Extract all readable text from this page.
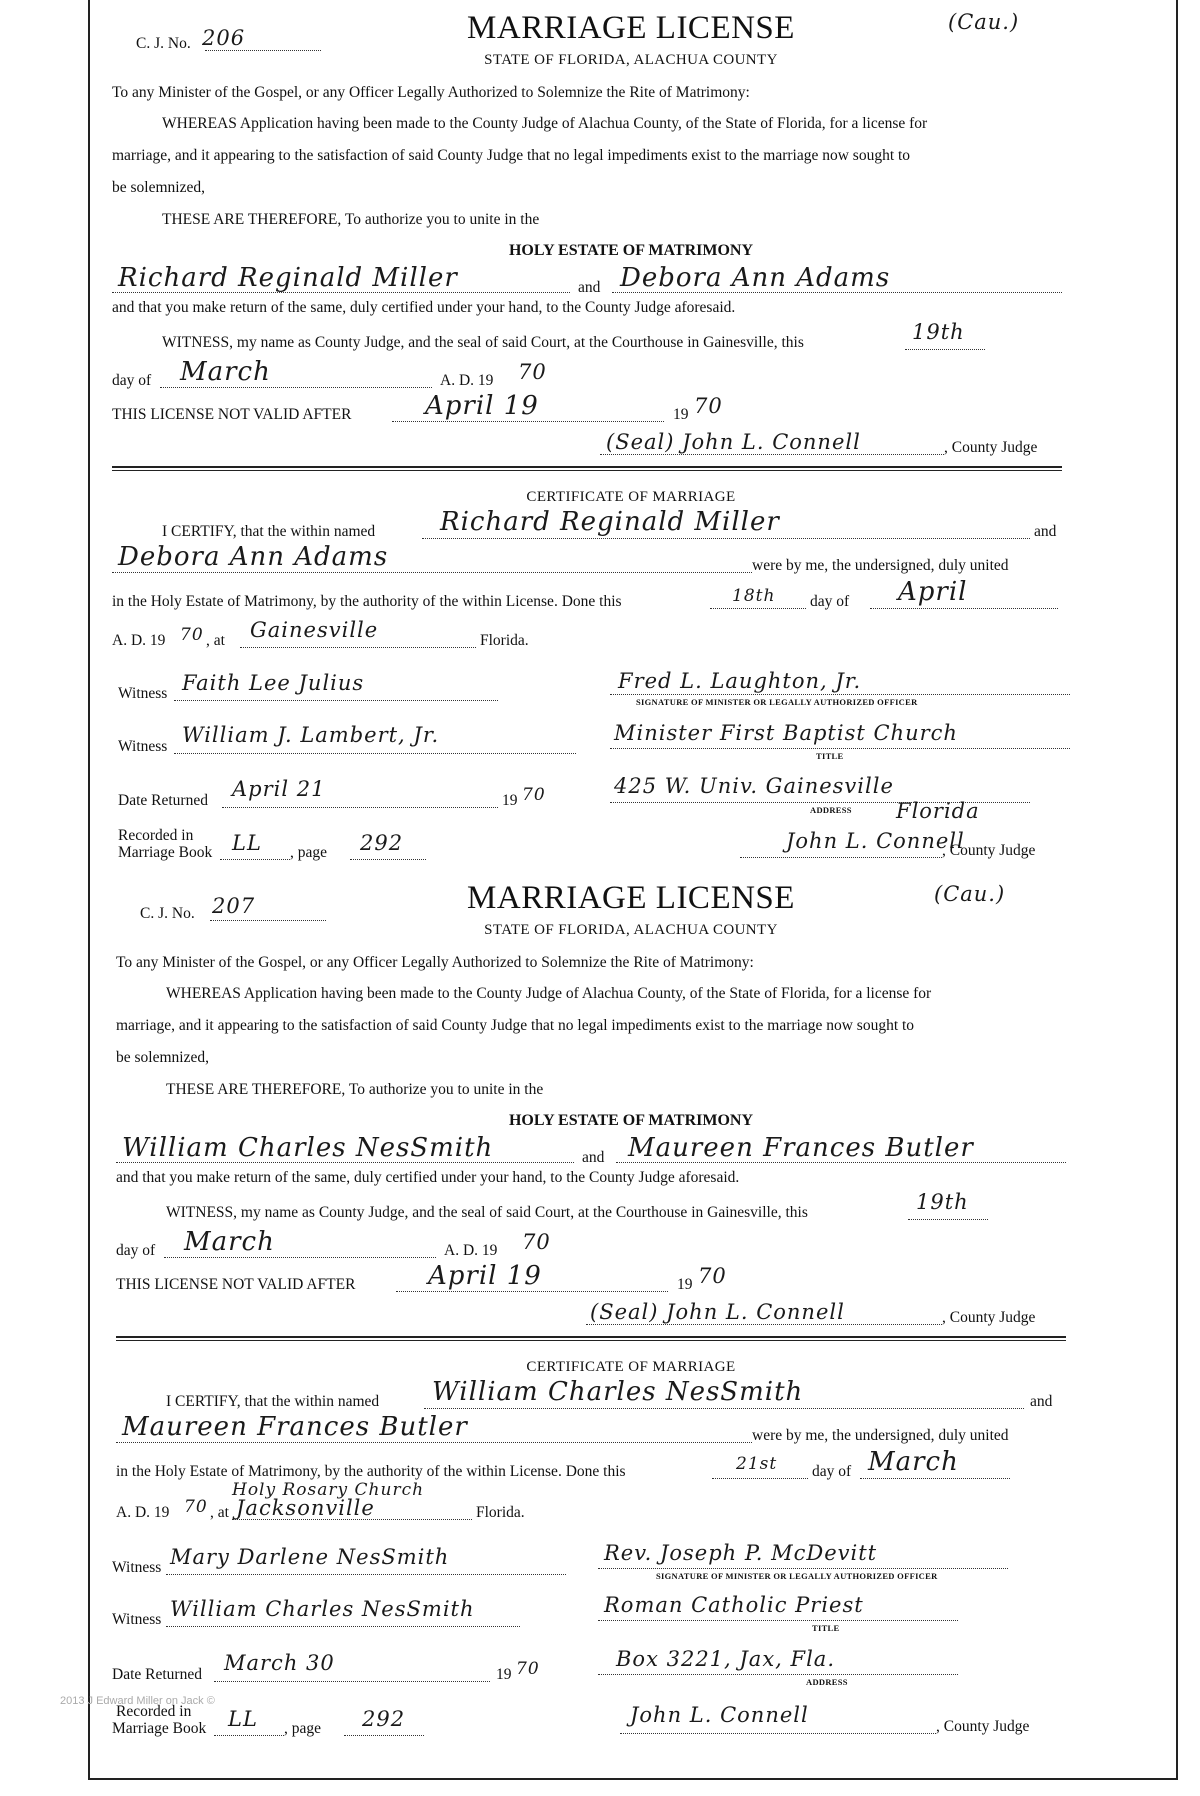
C. J. No. 206	MARRIAGE LICENSE
STATE OF FLORIDA, ALACHUA COUNTY
(Cau.)
To any Minister of the Gospel, or any Officer Legally Authorized to Solemnize the Rite of Matrimony:
WHEREAS Application having been made to the County Judge of Alachua County, of the State of Florida, for a license for
marriage, and it appearing to the satisfaction of said County Judge that no legal impediments exist to the marriage now sought to
be solemnized,
THESE ARE THEREFORE, To authorize you to unite in the
HOLY ESTATE OF MATRIMONY
Richard Reginald Miller	and Debora Ann Adams
and that you make return of the same, duly certified under your hand, to the County Judge aforesaid.
WITNESS, my name as County Judge, and the seal of said Court, at the Courthouse in Gainesville, this	19th
day of March	A. D. 19 70
THIS LICENSE NOT VALID AFTER	April 19	19 70
(Seal) John L. Connell	, County Judge
CERTIFICATE OF MARRIAGE
I CERTIFY, that the within named Richard Reginald Miller	and
Debora Ann Adams	were by me, the undersigned, duly united
in the Holy Estate of Matrimony, by the authority of the within License. Done this	18th day of April
A. D. 19 70 , at Gainesville	Florida.
Witness Faith Lee Julius	Fred L. Laughton, Jr.
SIGNATURE OF MINISTER OR LEGALLY AUTHORIZED OFFICER
Witness William J. Lambert, Jr.	Minister First Baptist Church
TITLE
Date Returned April 21	19 70	425 W. Univ. Gainesville
ADDRESS Florida
Recorded in
Marriage Book LL , page 292	John L. Connell
, County Judge
C. J. No. 207	MARRIAGE LICENSE
STATE OF FLORIDA, ALACHUA COUNTY
(Cau.)
To any Minister of the Gospel, or any Officer Legally Authorized to Solemnize the Rite of Matrimony:
WHEREAS Application having been made to the County Judge of Alachua County, of the State of Florida, for a license for
marriage, and it appearing to the satisfaction of said County Judge that no legal impediments exist to the marriage now sought to
be solemnized,
THESE ARE THEREFORE, To authorize you to unite in the
HOLY ESTATE OF MATRIMONY
William Charles NesSmith	and Maureen Frances Butler
and that you make return of the same, duly certified under your hand, to the County Judge aforesaid.
WITNESS, my name as County Judge, and the seal of said Court, at the Courthouse in Gainesville, this	19th
day of March	A. D. 19 70
THIS LICENSE NOT VALID AFTER	April 19	19 70
(Seal) John L. Connell	, County Judge
CERTIFICATE OF MARRIAGE
I CERTIFY, that the within named William Charles NesSmith	and
Maureen Frances Butler	were by me, the undersigned, duly united
in the Holy Estate of Matrimony, by the authority of the within License. Done this	21st day of March
Holy Rosary Church
A. D. 19 70 , at Jacksonville	Florida.
Witness Mary Darlene NesSmith	Rev. Joseph P. McDevitt
SIGNATURE OF MINISTER OR LEGALLY AUTHORIZED OFFICER
Witness William Charles NesSmith	Roman Catholic Priest
TITLE
Date Returned March 30	19 70	Box 3221, Jax, Fla.
ADDRESS
Recorded in
Marriage Book LL , page 292	John L. Connell	, County Judge
2013 J Edward Miller on Jack ©
